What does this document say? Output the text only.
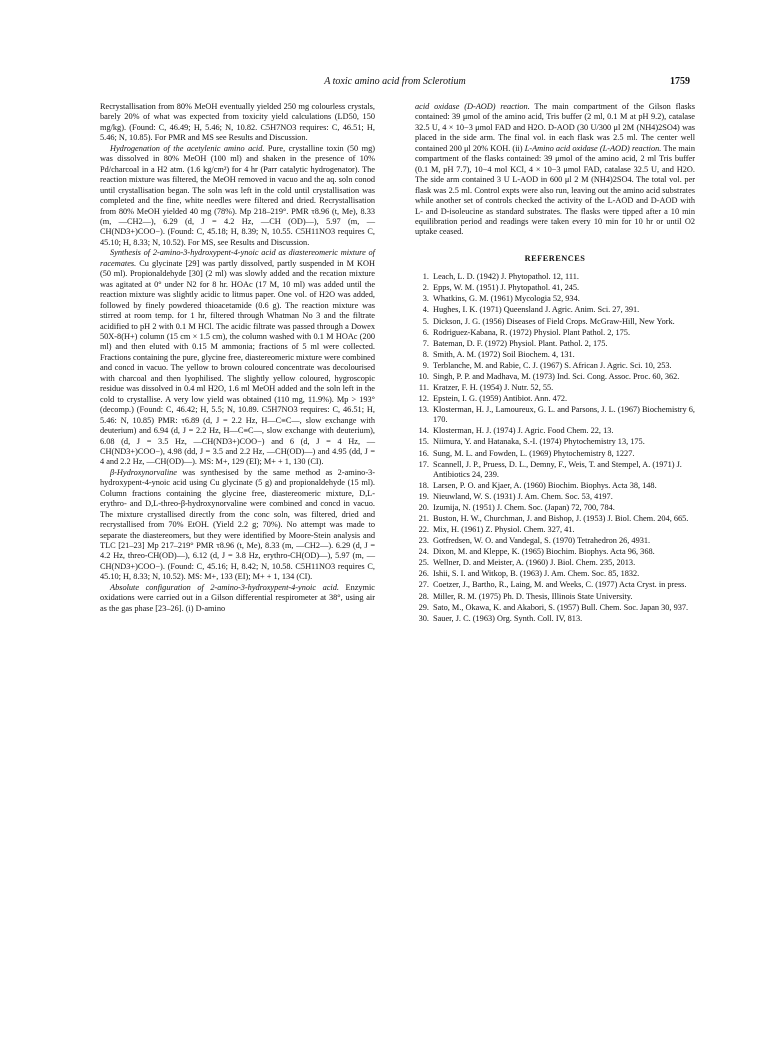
A toxic amino acid from Sclerotium	1759

Recrystallisation from 80% MeOH eventually yielded 250 mg colourless crystals, barely 20% of what was expected from toxicity yield calculations (LD50, 150 mg/kg). (Found: C, 46.49; H, 5.46; N, 10.82. C5H7NO3 requires: C, 46.51; H, 5.46; N, 10.85). For PMR and MS see Results and Discussion.

Hydrogenation of the acetylenic amino acid. Pure, crystalline toxin (50 mg) was dissolved in 80% MeOH (100 ml) and shaken in the presence of 10% Pd/charcoal in a H2 atm. (1.6 kg/cm²) for 4 hr (Parr catalytic hydrogenator). The reaction mixture was filtered, the MeOH removed in vacuo and the aq. soln conod until crystallisation began. The soln was left in the cold until crystallisation was completed and the fine, white needles were filtered and dried. Recrystallisation from 80% MeOH yielded 40 mg (78%). Mp 218–219°. PMR τ8.96 (t, Me), 8.33 (m, —CH2—), 6.29 (d, J = 4.2 Hz, —CH (OD)—), 5.97 (m, —CH(ND3+)COO−). (Found: C, 45.18; H, 8.39; N, 10.55. C5H11NO3 requires C, 45.10; H, 8.33; N, 10.52). For MS, see Results and Discussion.

Synthesis of 2-amino-3-hydroxypent-4-ynoic acid as diastereomeric mixture of racemates. Cu glycinate [29] was partly dissolved, partly suspended in M KOH (50 ml). Propionaldehyde [30] (2 ml) was slowly added and the recation mixture was agitated at 0° under N2 for 8 hr. HOAc (17 M, 10 ml) was added until the reaction mixture was slightly acidic to litmus paper. One vol. of H2O was added, followed by finely powdered thioacetamide (0.6 g). The reaction mixture was stirred at room temp. for 1 hr, filtered through Whatman No 3 and the filtrate acidified to pH 2 with 0.1 M HCl. The acidic filtrate was passed through a Dowex 50X-8(H+) column (15 cm × 1.5 cm), the column washed with 0.1 M HOAc (200 ml) and then eluted with 0.15 M ammonia; fractions of 5 ml were collected. Fractions containing the pure, glycine free, diastereomeric mixture were combined and concd in vacuo. The yellow to brown coloured concentrate was decolourised with charcoal and then lyophilised. The slightly yellow coloured, hygroscopic residue was dissolved in 0.4 ml H2O, 1.6 ml MeOH added and the soln left in the cold to crystallise. A very low yield was obtained (110 mg, 11.9%). Mp > 193° (decomp.) (Found: C, 46.42; H, 5.5; N, 10.89. C5H7NO3 requires: C, 46.51; H, 5.46: N, 10.85) PMR: τ6.89 (d, J = 2.2 Hz, H—C≡C—, slow exchange with deuterium) and 6.94 (d, J = 2.2 Hz, H—C≡C—, slow exchange with deuterium), 6.08 (d, J = 3.5 Hz, —CH(ND3+)COO−) and 6 (d, J = 4 Hz, —CH(ND3+)COO−), 4.98 (dd, J = 3.5 and 2.2 Hz, —CH(OD)—) and 4.95 (dd, J = 4 and 2.2 Hz, —CH(OD)—). MS: M+, 129 (EI); M+ + 1, 130 (CI).

β-Hydroxynorvaline was synthesised by the same method as 2-amino-3-hydroxypent-4-ynoic acid using Cu glycinate (5 g) and propionaldehyde (15 ml). Column fractions containing the glycine free, diastereomeric mixture, D,L-erythro- and D,L-threo-β-hydroxynorvaline were combined and concd in vacuo. The mixture crystallised directly from the conc soln, was filtered, dried and recrystallised from 70% EtOH. (Yield 2.2 g; 70%). No attempt was made to separate the diastereomers, but they were identified by Moore-Stein analysis and TLC [21–23] Mp 217–219° PMR τ8.96 (t, Me), 8.33 (m, —CH2—). 6.29 (d, J = 4.2 Hz, threo-CH(OD)—), 6.12 (d, J = 3.8 Hz, erythro-CH(OD)—), 5.97 (m, —CH(ND3+)COO−). (Found: C, 45.16; H, 8.42; N, 10.58. C5H11NO3 requires C, 45.10; H, 8.33; N, 10.52). MS: M+, 133 (EI); M+ + 1, 134 (CI).

Absolute configuration of 2-amino-3-hydroxypent-4-ynoic acid. Enzymic oxidations were carried out in a Gilson differential respirometer at 38°, using air as the gas phase [23–26]. (i) D-amino

acid oxidase (D-AOD) reaction. The main compartment of the Gilson flasks contained: 39 μmol of the amino acid, Tris buffer (2 ml, 0.1 M at pH 9.2), catalase 32.5 U, 4 × 10−3 μmol FAD and H2O. D-AOD (30 U/300 μl 2M (NH4)2SO4) was placed in the side arm. The final vol. in each flask was 2.5 ml. The center well contained 200 μl 20% KOH. (ii) L-Amino acid oxidase (L-AOD) reaction. The main compartment of the flasks contained: 39 μmol of the amino acid, 2 ml Tris buffer (0.1 M, pH 7.7), 10−4 mol KCl, 4 × 10−3 μmol FAD, catalase 32.5 U, and H2O. The side arm contained 3 U L-AOD in 600 μl 2 M (NH4)2SO4. The total vol. per flask was 2.5 ml. Control expts were also run, leaving out the amino acid substrates while another set of controls checked the activity of the L-AOD and D-AOD with L- and D-isoleucine as standard substrates. The flasks were tipped after a 10 min equilibration period and readings were taken every 10 min for 10 hr or until O2 uptake ceased.

REFERENCES
1. Leach, L. D. (1942) J. Phytopathol. 12, 111.
2. Epps, W. M. (1951) J. Phytopathol. 41, 245.
3. Whatkins, G. M. (1961) Mycologia 52, 934.
4. Hughes, I. K. (1971) Queensland J. Agric. Anim. Sci. 27, 391.
5. Dickson, J. G. (1956) Diseases of Field Crops. McGraw-Hill, New York.
6. Rodriguez-Kabana, R. (1972) Physiol. Plant Pathol. 2, 175.
7. Bateman, D. F. (1972) Physiol. Plant. Pathol. 2, 175.
8. Smith, A. M. (1972) Soil Biochem. 4, 131.
9. Terblanche, M. and Rabie, C. J. (1967) S. African J. Agric. Sci. 10, 253.
10. Singh, P. P. and Madhava, M. (1973) Ind. Sci. Cong. Assoc. Proc. 60, 362.
11. Kratzer, F. H. (1954) J. Nutr. 52, 55.
12. Epstein, I. G. (1959) Antibiot. Ann. 472.
13. Klosterman, H. J., Lamoureux, G. L. and Parsons, J. L. (1967) Biochemistry 6, 170.
14. Klosterman, H. J. (1974) J. Agric. Food Chem. 22, 13.
15. Niimura, Y. and Hatanaka, S.-I. (1974) Phytochemistry 13, 175.
16. Sung, M. L. and Fowden, L. (1969) Phytochemistry 8, 1227.
17. Scannell, J. P., Pruess, D. L., Demny, F., Weis, T. and Stempel, A. (1971) J. Antibiotics 24, 239.
18. Larsen, P. O. and Kjaer, A. (1960) Biochim. Biophys. Acta 38, 148.
19. Nieuwland, W. S. (1931) J. Am. Chem. Soc. 53, 4197.
20. Izumija, N. (1951) J. Chem. Soc. (Japan) 72, 700, 784.
21. Buston, H. W., Churchman, J. and Bishop, J. (1953) J. Biol. Chem. 204, 665.
22. Mix, H. (1961) Z. Physiol. Chem. 327, 41.
23. Gotfredsen, W. O. and Vandegal, S. (1970) Tetrahedron 26, 4931.
24. Dixon, M. and Kleppe, K. (1965) Biochim. Biophys. Acta 96, 368.
25. Wellner, D. and Meister, A. (1960) J. Biol. Chem. 235, 2013.
26. Ishii, S. I. and Witkop, B. (1963) J. Am. Chem. Soc. 85, 1832.
27. Coetzer, J., Bartho, R., Laing, M. and Weeks, C. (1977) Acta Cryst. in press.
28. Miller, R. M. (1975) Ph. D. Thesis, Illinois State University.
29. Sato, M., Okawa, K. and Akabori, S. (1957) Bull. Chem. Soc. Japan 30, 937.
30. Sauer, J. C. (1963) Org. Synth. Coll. IV, 813.
